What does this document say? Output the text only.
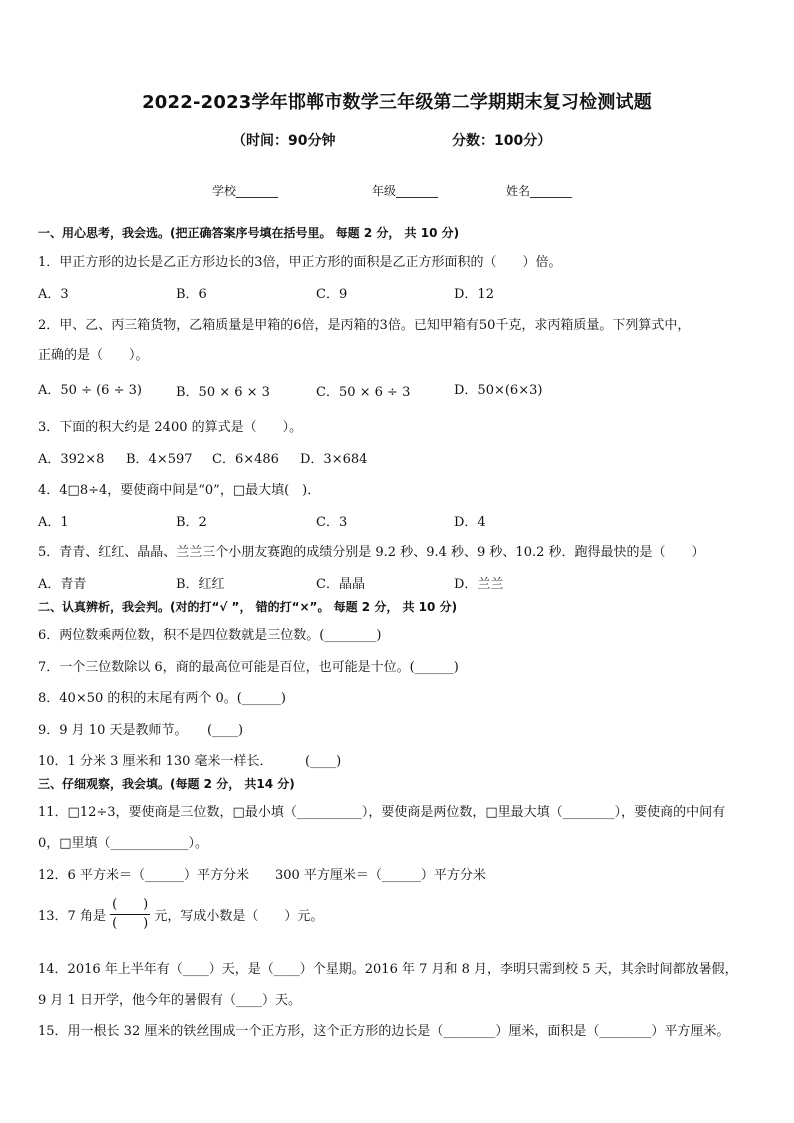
2022-2023学年邯郸市数学三年级第二学期期末复习检测试题
（时间：90分钟	分数：100分）
学校_______	年级_______	姓名_______
一、用心思考，我会选。(把正确答案序号填在括号里。 每题 2 分， 共 10 分)
1．甲正方形的边长是乙正方形边长的3倍，甲正方形的面积是乙正方形面积的（　　）倍。
A．3	B．6	C．9	D．12
2．甲、乙、丙三箱货物，乙箱质量是甲箱的6倍，是丙箱的3倍。已知甲箱有50千克，求丙箱质量。下列算式中，
正确的是（　　）。
A．50 ÷ (6 ÷ 3)	B．50 × 6 × 3	C．50 × 6 ÷ 3	D．50×(6×3)
3．下面的积大约是 2400 的算式是（　　）。
A．392×8 B．4×597 C．6×486 D．3×684
4．4□8÷4，要使商中间是“0”，□最大填(　)．
A．1	B．2	C．3	D．4
5．青青、红红、晶晶、兰兰三个小朋友赛跑的成绩分别是 9.2 秒、9.4 秒、9 秒、10.2 秒．跑得最快的是（　　）
A．青青	B．红红	C．晶晶	D．兰兰
二、认真辨析，我会判。(对的打“√ ”， 错的打“×”。 每题 2 分， 共 10 分)
6．两位数乘两位数，积不是四位数就是三位数。(________)
7．一个三位数除以 6，商的最高位可能是百位，也可能是十位。(______)
8．40×50 的积的末尾有两个 0。(______)
9．9 月 10 天是教师节。　　(____)
10．1 分米 3 厘米和 130 毫米一样长．　　　(____)
三、仔细观察，我会填。(每题 2 分， 共14 分)
11．□12÷3，要使商是三位数，□最小填（__________），要使商是两位数，□里最大填（________），要使商的中间有
0，□里填（____________）。
12．6 平方米＝（______）平方分米　　300 平方厘米＝（______）平方分米
13．7 角是 $\frac{( )}{( )}$ 元，写成小数是（　　）元。
14．2016 年上半年有（____）天，是（____）个星期。2016 年 7 月和 8 月，李明只需到校 5 天，其余时间都放暑假，
9 月 1 日开学，他今年的暑假有（____）天。
15．用一根长 32 厘米的铁丝围成一个正方形，这个正方形的边长是（________）厘米，面积是（________）平方厘米。
